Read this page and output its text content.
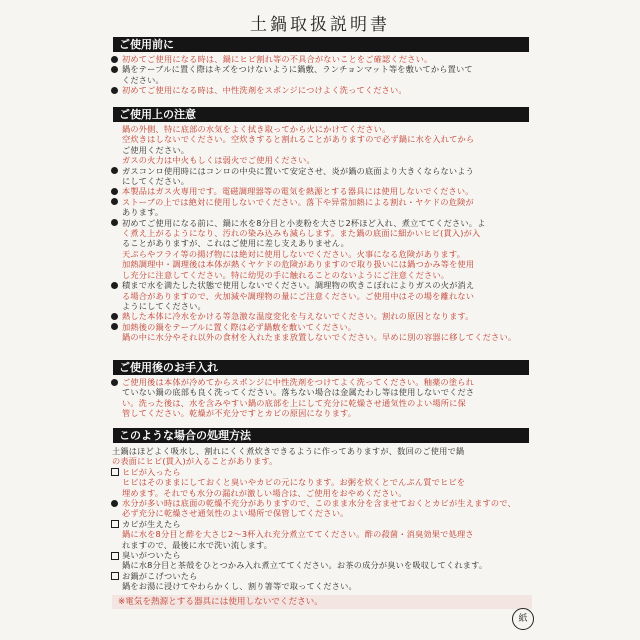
土鍋取扱説明書
ご使用前に
初めてご使用になる時は、鍋にヒビ割れ等の不具合がないことをご確認ください。
鍋をテーブルに置く際はキズをつけないように鍋敷、ランチョンマット等を敷いてから置いて
ください。
初めてご使用になる時は、中性洗剤をスポンジにつけよく洗ってください。
ご使用上の注意
鍋の外側、特に底部の水気をよく拭き取ってから火にかけてください。
空炊きはしないでください。空炊きすると割れることがありますので必ず鍋に水を入れてから
ご使用ください。
ガスの火力は中火もしくは弱火でご使用ください。
ガスコンロ使用時にはコンロの中央に置いて安定させ、炎が鍋の底面より大きくならないよう
にしてください。
本製品はガス火専用です。電磁調理器等の電気を熱源とする器具には使用しないでください。
ストーブの上では絶対に使用しないでください。落下や异常加熱による割れ・ヤケドの危険が
あります。
初めてご使用になる前に、鍋に水を8分目と小麦粉を大さじ2杯ほど入れ、煮立ててください。よ
く煮え上がるようになり、汚れの染み込みも減らします。また鍋の底面に細かいヒビ(貫入)が入
ることがありますが、これはご使用に差し支えありません。
天ぷらやフライ等の揚げ物には絶対に使用しないでください。火事になる危険があります。
加熱調理中・調理後は本体が熱くヤケドの危険がありますので取り扱いには鍋つかみ等を使用
し充分に注意してください。特に幼児の手に触れることのないようにご注意ください。
積まで水を満たした状態で使用しないでください。調理物の吹きこぼれによりガスの火が消え
る場合がありますので、火加減や調理物の量にご注意ください。ご使用中はその場を離れない
ようにしてください。
熱した本体に冷水をかける等急激な温度変化を与えないでください。割れの原因となります。
加熱後の鍋をテーブルに置く際は必ず鍋敷を敷いてください。
鍋の中に水分やそれ以外の食材を入れたまま放置しないでください。早めに別の容器に移してください。
ご使用後のお手入れ
ご使用後は本体が冷めてからスポンジに中性洗剤をつけてよく洗ってください。釉薬の塗られ
ていない鍋の底部も良く洗ってください。落ちない場合は金属たわし等は使用しないでくださ
い。洗った後は、水を含みやすい鍋の底部を上にして充分に乾燥させ通気性のよい場所に保
管してください。乾燥が不充分ですとカビの原因になります。
このような場合の処理方法
土鍋はほどよく吸水し、割れにくく煮炊きできるように作ってありますが、数回のご使用で鍋
の表面にヒビ(貫入)が入ることがあります。
ヒビが入ったら
ヒビはそのままにしておくと臭いやカビの元になります。お粥を炊くとでんぷん質でヒビを
埋めます。それでも水分の漏れが激しい場合は、ご使用をおやめください。
水分が多い時は底面の乾燥不充分がありますので、このまま水分を含ませておくとカビが生えますので、
必ず充分に乾燥させ通気性のよい場所で保管してください。
カビが生えたら
鍋に水を8分目と酢を大さじ2〜3杯入れ充分煮立ててください。酢の殺菌・消臭効果で処理さ
れますので、最後に水で洗い流します。
臭いがついたら
鍋に水8分目と茶殻をひとつかみ入れ煮立ててください。お茶の成分が臭いを吸収してくれます。
お鍋がこげついたら
鍋をお湯に浸けてやわらかくし、割り箸等で取ってください。
※電気を熱源とする器具には使用しないでください。
紙
